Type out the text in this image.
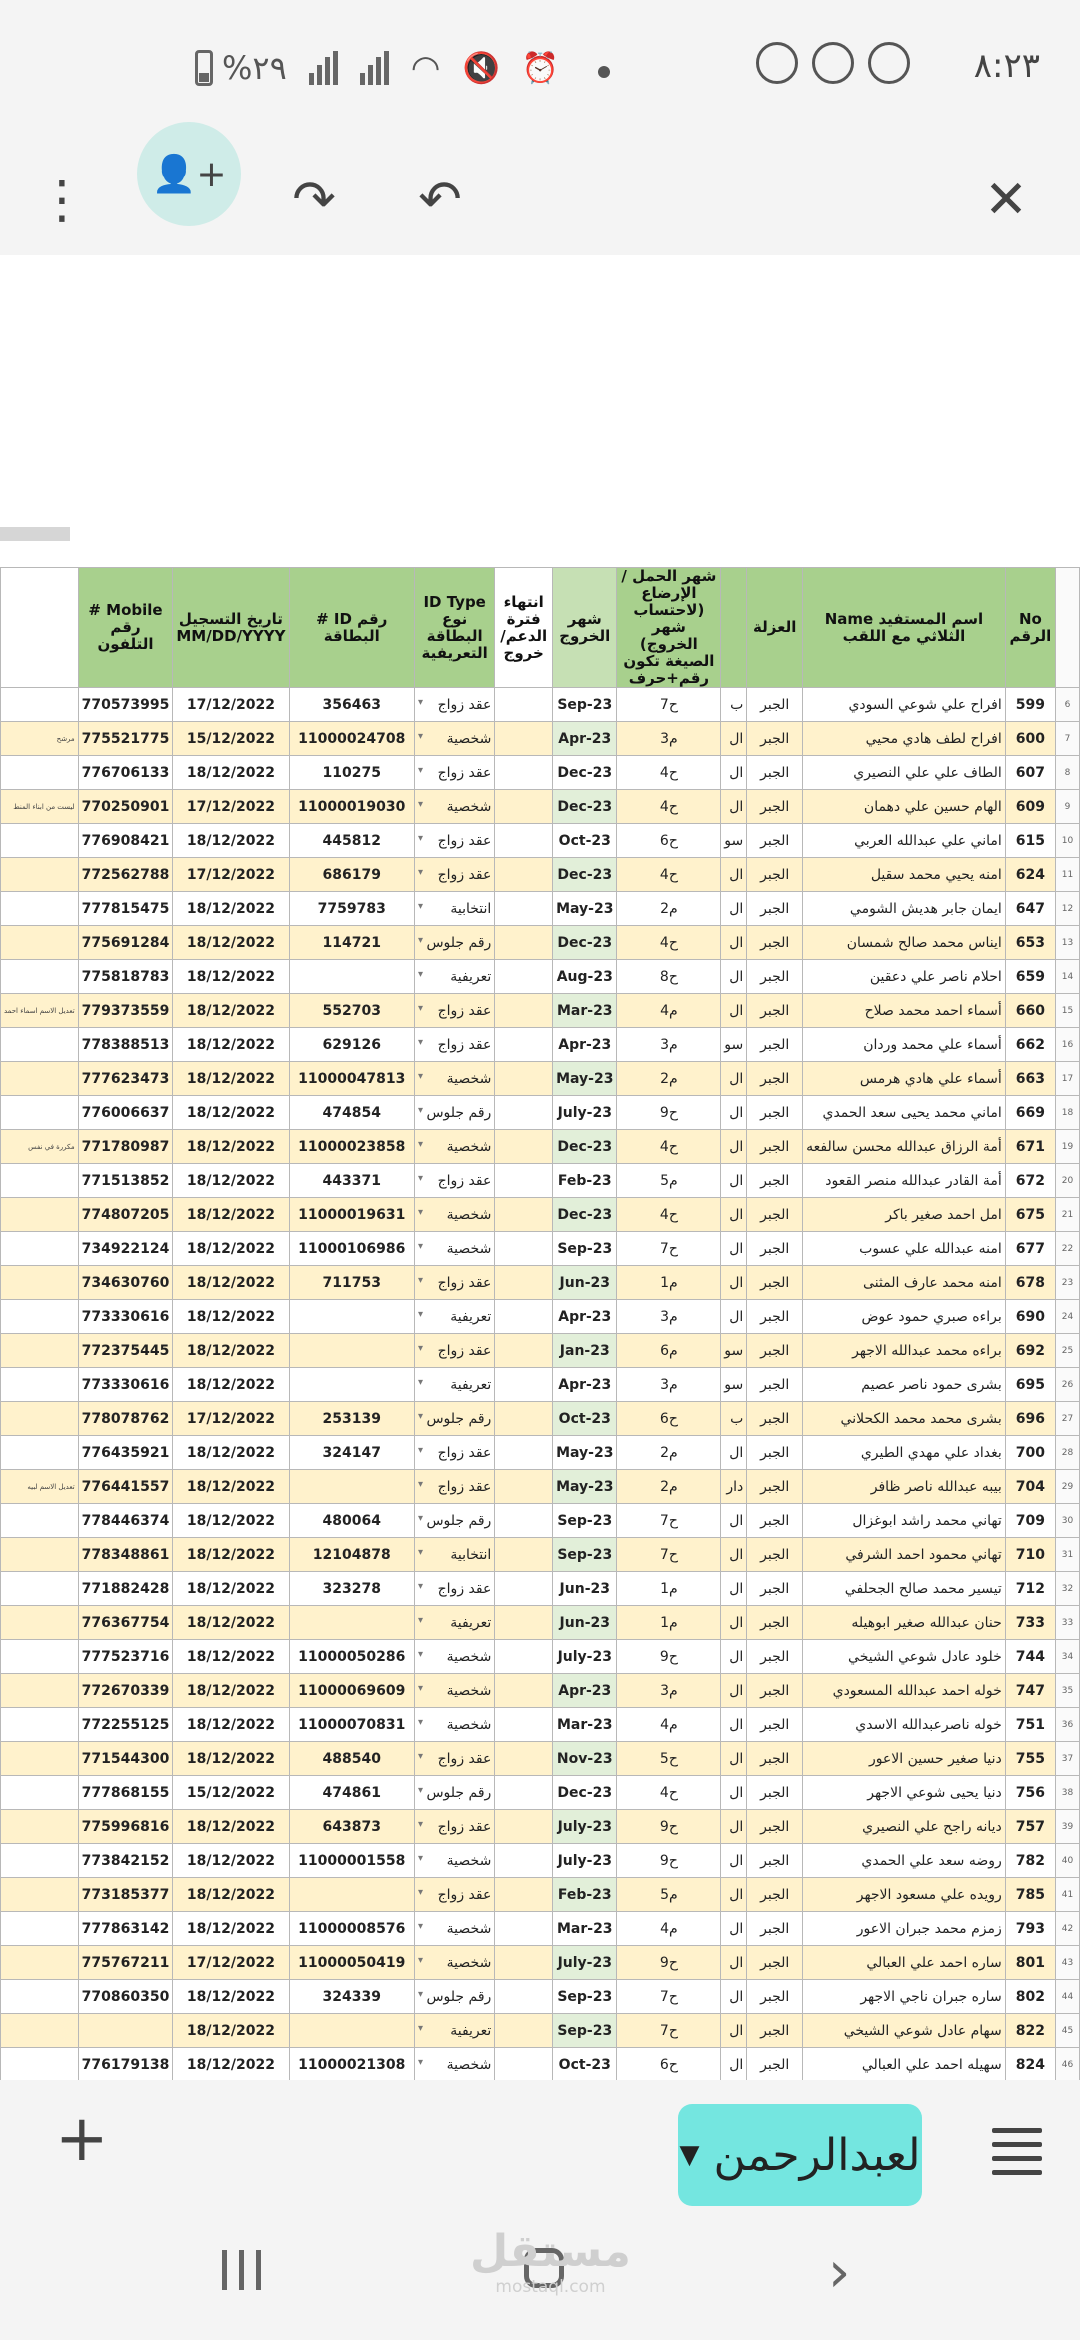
%٢٩	◠ 🔇 ⏰	٨:٢٣
⋮	👤+	↷	↶	✕
	# Mobile رقم التلفون	تاريخ التسجيل MM/DD/YYYY	# ID رقم البطاقة	ID Type نوع البطاقة التعريفية	انتهاء فترة الدعم/ خروج	شهر الخروج	شهر الحمل / الإرضاع (لاحتساب شهر الخروج) الصيغة تكون رقم+حرف		العزلة	Name اسم المستفيد الثلاثي مع اللقب	No الرقم	
	770573995	17/12/2022	356463	▾ عقد زواج		Sep-23	7ح	ب	الجبر	افراح علي شوعي السودي	599	6
مرشح	775521775	15/12/2022	11000024708	▾ شخصية		Apr-23	3م	ال	الجبر	افراح لطف هادي محيي	600	7
	776706133	18/12/2022	110275	▾ عقد زواج		Dec-23	4ح	ال	الجبر	الطاف علي علي النصيري	607	8
ليست من ابناء المنط	770250901	17/12/2022	11000019030	▾ شخصية		Dec-23	4ح	ال	الجبر	الهام حسين علي دهمان	609	9
	776908421	18/12/2022	445812	▾ عقد زواج		Oct-23	6ح	سو	الجبر	اماني علي عبدالله العربي	615	10
	772562788	17/12/2022	686179	▾ عقد زواج		Dec-23	4ح	ال	الجبر	امنه يحيي محمد سقيل	624	11
	777815475	18/12/2022	7759783	▾ انتخابية		May-23	2م	ال	الجبر	ايمان جابر هديش الشومي	647	12
	775691284	18/12/2022	114721	▾ رقم جلوس		Dec-23	4ح	ال	الجبر	ايناس محمد صالح شمسان	653	13
	775818783	18/12/2022		▾ تعريفية		Aug-23	8ح	ال	الجبر	احلام ناصر علي دعقين	659	14
تعديل الاسم اسماء احمد	779373559	18/12/2022	552703	▾ عقد زواج		Mar-23	4م	ال	الجبر	أسماء احمد محمد صلاح	660	15
	778388513	18/12/2022	629126	▾ عقد زواج		Apr-23	3م	سو	الجبر	أسماء علي محمد وردان	662	16
	777623473	18/12/2022	11000047813	▾ شخصية		May-23	2م	ال	الجبر	أسماء علي هادي هرمس	663	17
	776006637	18/12/2022	474854	▾ رقم جلوس		July-23	9ح	ال	الجبر	اماني محمد يحيى سعد الحمدي	669	18
مكررة في نفس	771780987	18/12/2022	11000023858	▾ شخصية		Dec-23	4ح	ال	الجبر	أمة الرزاق عبدالله محسن سالفعه	671	19
	771513852	18/12/2022	443371	▾ عقد زواج		Feb-23	5م	ال	الجبر	أمة القادر عبدالله منصر القعود	672	20
	774807205	18/12/2022	11000019631	▾ شخصية		Dec-23	4ح	ال	الجبر	امل احمد صغير باكر	675	21
	734922124	18/12/2022	11000106986	▾ شخصية		Sep-23	7ح	ال	الجبر	امنه عبدالله علي عسوب	677	22
	734630760	18/12/2022	711753	▾ عقد زواج		Jun-23	1م	ال	الجبر	امنه محمد عارف المثنى	678	23
	773330616	18/12/2022		▾ تعريفية		Apr-23	3م	ال	الجبر	براءه صبري حمود عوض	690	24
	772375445	18/12/2022		▾ عقد زواج		Jan-23	6م	سو	الجبر	براءه محمد عبدالله الاجهر	692	25
	773330616	18/12/2022		▾ تعريفية		Apr-23	3م	سو	الجبر	بشرى حمود ناصر عصيم	695	26
	778078762	17/12/2022	253139	▾ رقم جلوس		Oct-23	6ح	ب	الجبر	بشرى محمد محمد الكحلاني	696	27
	776435921	18/12/2022	324147	▾ عقد زواج		May-23	2م	ال	الجبر	بغداد علي مهدي الطيري	700	28
تعديل الاسم لبيه	776441557	18/12/2022		▾ عقد زواج		May-23	2م	دار	الجبر	بيبه عبدالله ناصر ظافر	704	29
	778446374	18/12/2022	480064	▾ رقم جلوس		Sep-23	7ح	ال	الجبر	تهاني محمد راشد ابوغزال	709	30
	778348861	18/12/2022	12104878	▾ انتخابية		Sep-23	7ح	ال	الجبر	تهاني محمود احمد الشرفي	710	31
	771882428	18/12/2022	323278	▾ عقد زواج		Jun-23	1م	ال	الجبر	تيسير محمد صالح الجحلفي	712	32
	776367754	18/12/2022		▾ تعريفية		Jun-23	1م	ال	الجبر	حنان عبدالله صغير ابوهيله	733	33
	777523716	18/12/2022	11000050286	▾ شخصية		July-23	9ح	ال	الجبر	خلود عادل شوعي الشيخي	744	34
	772670339	18/12/2022	11000069609	▾ شخصية		Apr-23	3م	ال	الجبر	خوله احمد عبدالله المسعودي	747	35
	772255125	18/12/2022	11000070831	▾ شخصية		Mar-23	4م	ال	الجبر	خوله ناصرعبدالله الاسدي	751	36
	771544300	18/12/2022	488540	▾ عقد زواج		Nov-23	5ح	ال	الجبر	دنيا صغير حسين الاعور	755	37
	777868155	15/12/2022	474861	▾ رقم جلوس		Dec-23	4ح	ال	الجبر	دنيا يحيى شوعي الاجهر	756	38
	775996816	18/12/2022	643873	▾ عقد زواج		July-23	9ح	ال	الجبر	ديانه راجح علي النصيري	757	39
	773842152	18/12/2022	11000001558	▾ شخصية		July-23	9ح	ال	الجبر	روضه سعد علي الحمدي	782	40
	773185377	18/12/2022		▾ عقد زواج		Feb-23	5م	ال	الجبر	رويده علي مسعود الاجهر	785	41
	777863142	18/12/2022	11000008576	▾ شخصية		Mar-23	4م	ال	الجبر	زمزم محمد جبران الاعور	793	42
	775767211	17/12/2022	11000050419	▾ شخصية		July-23	9ح	ال	الجبر	ساره احمد علي العبالي	801	43
	770860350	18/12/2022	324339	▾ رقم جلوس		Sep-23	7ح	ال	الجبر	ساره جبران ناجي الاجهر	802	44
		18/12/2022		▾ تعريفية		Sep-23	7ح	ال	الجبر	سهام عادل شوعي الشيخي	822	45
	776179138	18/12/2022	11000021308	▾ شخصية		Oct-23	6ح	ال	الجبر	سهيله احمد علي العبالي	824	46

+	▼ لعبدالرحمن
›
مستقل
mostaql.com
